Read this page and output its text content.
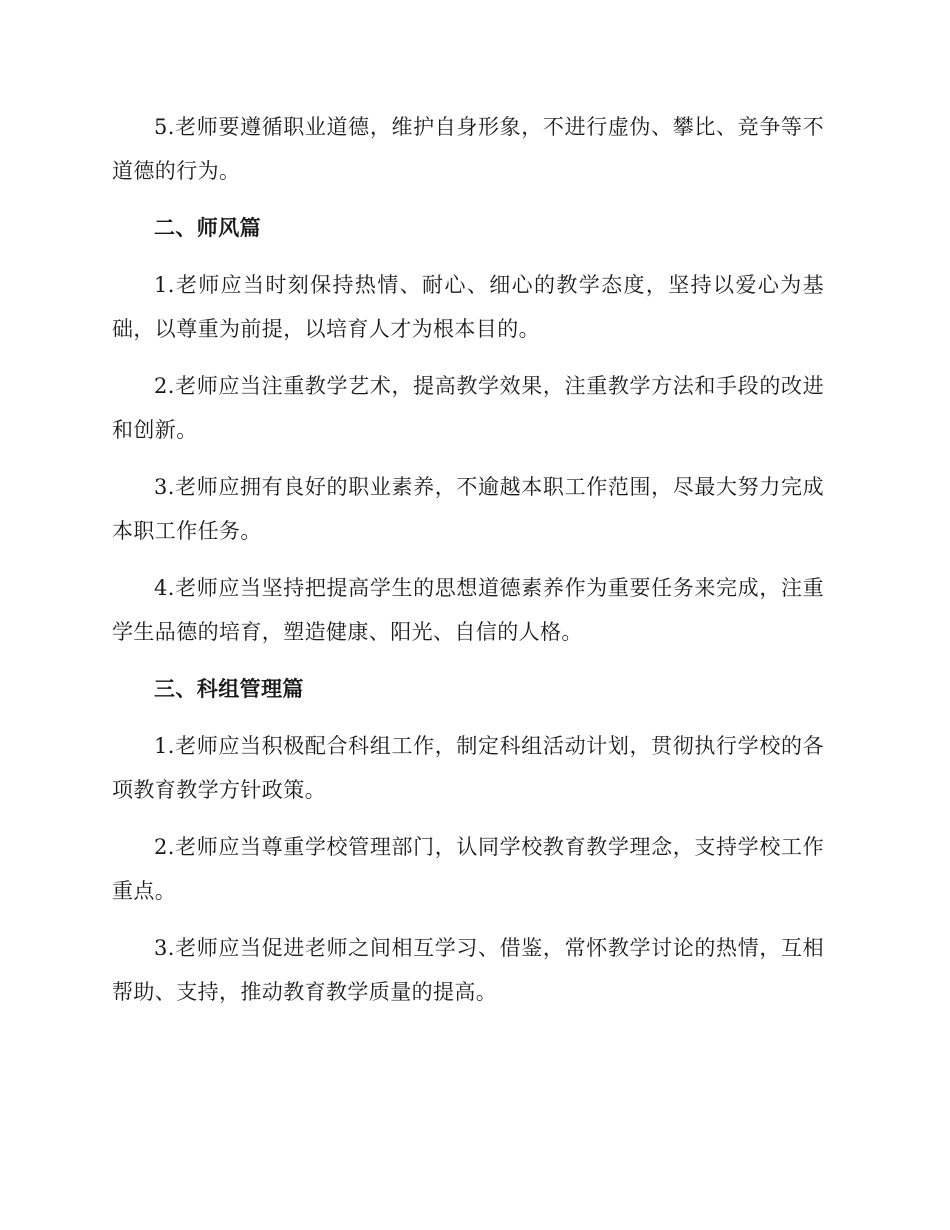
5.老师要遵循职业道德，维护自身形象，不进行虚伪、攀比、竞争等不道德的行为。

二、师风篇

1.老师应当时刻保持热情、耐心、细心的教学态度，坚持以爱心为基础，以尊重为前提，以培育人才为根本目的。

2.老师应当注重教学艺术，提高教学效果，注重教学方法和手段的改进和创新。

3.老师应拥有良好的职业素养，不逾越本职工作范围，尽最大努力完成本职工作任务。

4.老师应当坚持把提高学生的思想道德素养作为重要任务来完成，注重学生品德的培育，塑造健康、阳光、自信的人格。

三、科组管理篇

1.老师应当积极配合科组工作，制定科组活动计划，贯彻执行学校的各项教育教学方针政策。

2.老师应当尊重学校管理部门，认同学校教育教学理念，支持学校工作重点。

3.老师应当促进老师之间相互学习、借鉴，常怀教学讨论的热情，互相帮助、支持，推动教育教学质量的提高。
